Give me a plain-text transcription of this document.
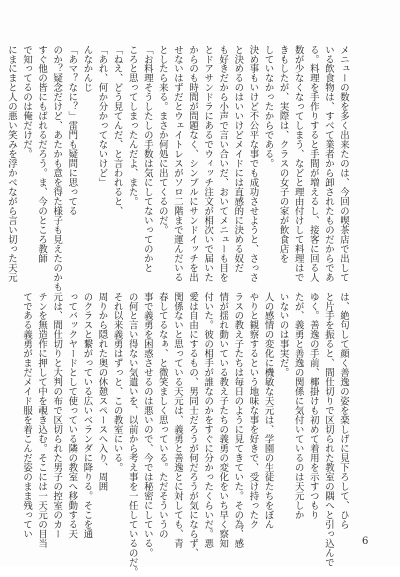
メニューの数を多く出来たのは、今回の喫茶店で出して
いる飲食物は、すべて業者から卸されたものだからであ
る。料理を手作りすると手間が増えるし、接客に回る人
数が少なくなってしまう、などと理由付けして料理はで
きもしたが、実際は、クラスの女子の家が飲食店を
していなかったからである。
決め事もいけど不公平な事でも成功させようと、さっさ
と決めるのはいいけどメイドには直感的に決める奴だ
も好きだから小声で言い合いだ、おいてメニューも目を
とドアサンドラにあるでウィッチ注文が相次いで届いた
からのも時間が問題なく、シンプルにサンドイッチを出
せないはずだとウェイトレスがソロ二階まで運んだいる
としたら来る。まさか何処に出てくるのだ。
「お料理そうしたしの手数は気にしてないってのかと
ころと思ってしまったんだよ、また。
「ねえ、どう見てんだ、と言われると、
「あれ、何か分かってないけど」
んなかんじ
「あマ？なに？」雷門も疑問に思ってる
のか？疑念だけど、あたかも意を得た様子も見えたのかも
すぐ他の皆にもばれるだろう。ま、今のところ教師
で知ってるのは俺だけだ。
にまにまと人の悪い笑みを浮かべながら言い切った天元
は、絶句して顔く善逸の姿を楽しげに見下ろして、ひら
と片手を振ると、間仕切りで区切られた教室の隅へと引っ込んで
ゆく。善逸の手前、椰掛けも初めて着用を示すつもり
たが、義勇と善逸の関係に気付いているのは天元しか
いないのは事実だ。
人の感情の変化に機敏な天元は、学園の生徒たちをぼん
やりと観察するという地味な事を好きで、受け持ったク
ラスの教え子たちは毎日のように見てきていた。その為、感
情が揺れ動いている教え子たちの義勇の変化をいち早く察知
付いた。彼の相手が誰なのかをすぐに分かったくらいだ。悪
愛は自由にするもの、男同士だろうが何だろうが気にならず、
関係ないと思っている天元は、義勇と善逸とに対しても、青
春してるなぁ、と微笑ましく思っている。ただそういうの
事で義勇を困惑させるのは悪いので、今では秘密にしている。
の何と言い得ない気遣いを、以前から考え事を一任しているのだ。
それ以来義勇はずっと、この教室にいる。
周りから隠れた奥の休憩スペースへ入り、周囲
のクラスと繋がっている広いベランダに降りる。そこを通
ってバックヤードとして使っている隣の教室へ移動する天
元は、間仕切りと大判の布で区切られた男子の控室のカー
テンを無造作に押して中を覗き込む。そこには一天元の目当
てである義勇がまだメイド服を着こんだ姿のまま残ってい
6
